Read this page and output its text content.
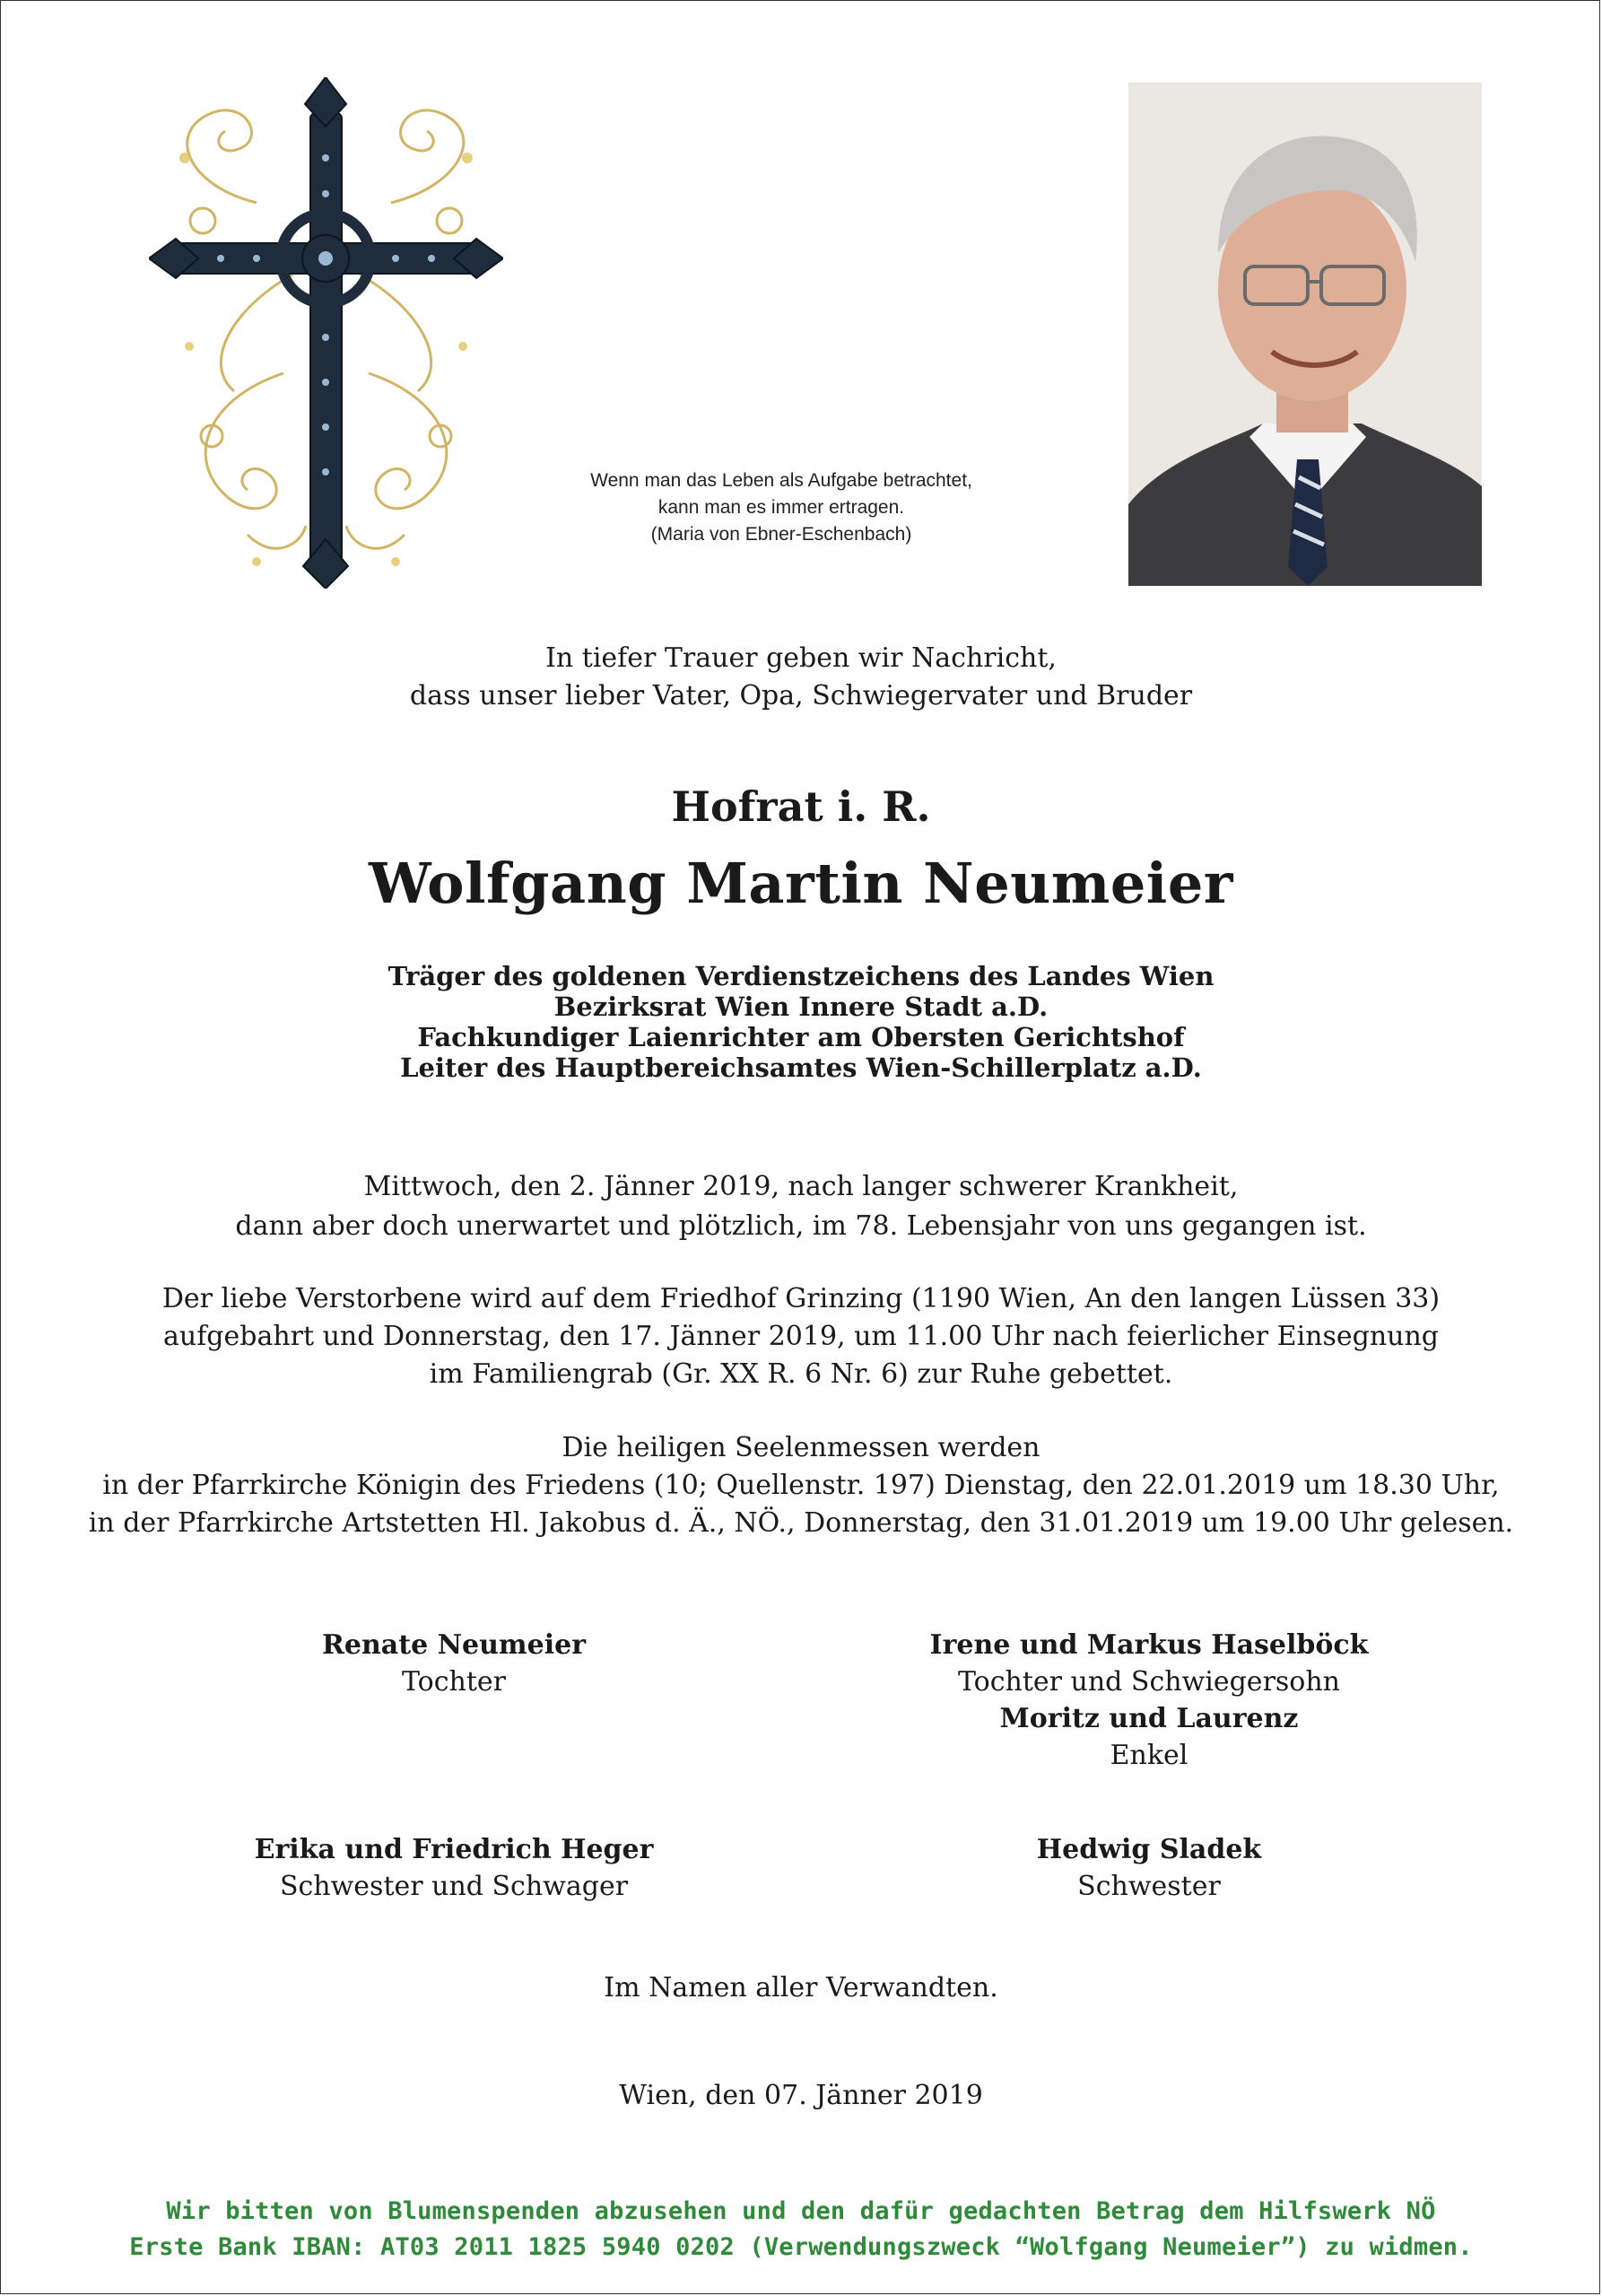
Wenn man das Leben als Aufgabe betrachtet,
kann man es immer ertragen.
(Maria von Ebner-Eschenbach)
In tiefer Trauer geben wir Nachricht,
dass unser lieber Vater, Opa, Schwiegervater und Bruder
Hofrat i. R.
Wolfgang Martin Neumeier
Träger des goldenen Verdienstzeichens des Landes Wien
Bezirksrat Wien Innere Stadt a.D.
Fachkundiger Laienrichter am Obersten Gerichtshof
Leiter des Hauptbereichsamtes Wien-Schillerplatz a.D.
Mittwoch, den 2. Jänner 2019, nach langer schwerer Krankheit,
dann aber doch unerwartet und plötzlich, im 78. Lebensjahr von uns gegangen ist.
Der liebe Verstorbene wird auf dem Friedhof Grinzing (1190 Wien, An den langen Lüssen 33)
aufgebahrt und Donnerstag, den 17. Jänner 2019, um 11.00 Uhr nach feierlicher Einsegnung
im Familiengrab (Gr. XX R. 6 Nr. 6) zur Ruhe gebettet.
Die heiligen Seelenmessen werden
in der Pfarrkirche Königin des Friedens (10; Quellenstr. 197) Dienstag, den 22.01.2019 um 18.30 Uhr,
in der Pfarrkirche Artstetten Hl. Jakobus d. Ä., NÖ., Donnerstag, den 31.01.2019 um 19.00 Uhr gelesen.
Renate Neumeier
Tochter
Irene und Markus Haselböck
Tochter und Schwiegersohn
Moritz und Laurenz
Enkel
Erika und Friedrich Heger
Schwester und Schwager
Hedwig Sladek
Schwester
Im Namen aller Verwandten.
Wien, den 07. Jänner 2019
Wir bitten von Blumenspenden abzusehen und den dafür gedachten Betrag dem Hilfswerk NÖ
Erste Bank IBAN: AT03 2011 1825 5940 0202 (Verwendungszweck “Wolfgang Neumeier”) zu widmen.
